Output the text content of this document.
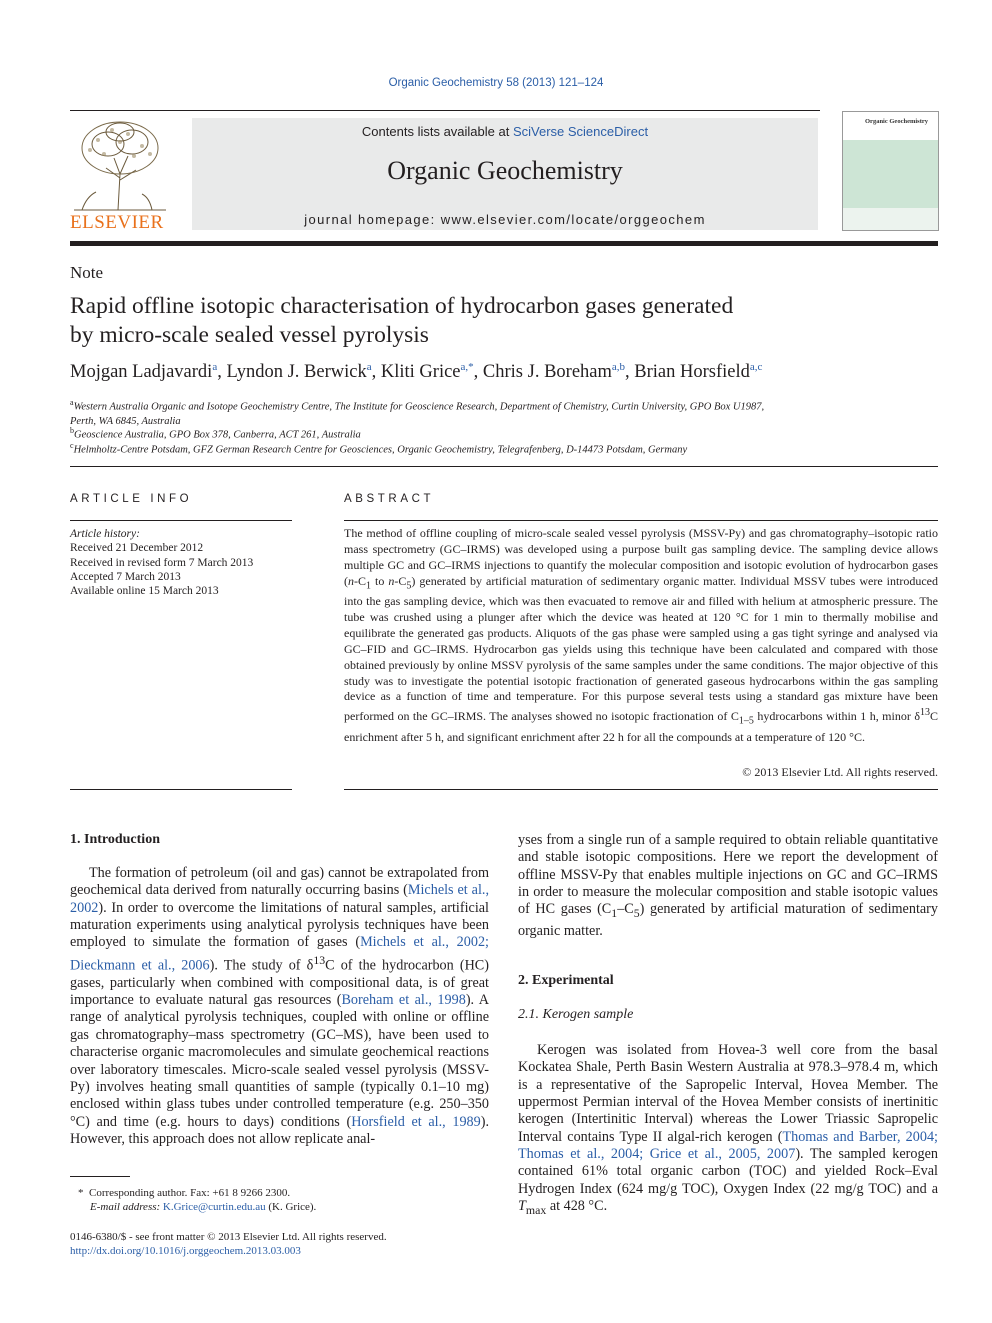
Organic Geochemistry 58 (2013) 121–124
ELSEVIER
Contents lists available at SciVerse ScienceDirect
Organic Geochemistry
journal homepage: www.elsevier.com/locate/orggeochem
Organic Geochemistry
Note
Rapid offline isotopic characterisation of hydrocarbon gases generated
by micro-scale sealed vessel pyrolysis
Mojgan Ladjavardi$^a$, Lyndon J. Berwick$^a$, Kliti Grice$^{a,*}$, Chris J. Boreham$^{a,b}$, Brian Horsfield$^{a,c}$
$^a$Western Australia Organic and Isotope Geochemistry Centre, The Institute for Geoscience Research, Department of Chemistry, Curtin University, GPO Box U1987,
Perth, WA 6845, Australia
$^b$Geoscience Australia, GPO Box 378, Canberra, ACT 261, Australia
$^c$Helmholtz-Centre Potsdam, GFZ German Research Centre for Geosciences, Organic Geochemistry, Telegrafenberg, D-14473 Potsdam, Germany
ARTICLE INFO
Article history:
Received 21 December 2012
Received in revised form 7 March 2013
Accepted 7 March 2013
Available online 15 March 2013
ABSTRACT
The method of offline coupling of micro-scale sealed vessel pyrolysis (MSSV-Py) and gas chromatography–isotopic ratio mass spectrometry (GC–IRMS) was developed using a purpose built gas sampling device. The sampling device allows multiple GC and GC–IRMS injections to quantify the molecular composition and isotopic evolution of hydrocarbon gases ($n-C_1$ to $n-C_5$) generated by artificial maturation of sedimentary organic matter. Individual MSSV tubes were introduced into the gas sampling device, which was then evacuated to remove air and filled with helium at atmospheric pressure. The tube was crushed using a plunger after which the device was heated at 120 °C for 1 min to thermally mobilise and equilibrate the generated gas products. Aliquots of the gas phase were sampled using a gas tight syringe and analysed via GC–FID and GC–IRMS. Hydrocarbon gas yields using this technique have been calculated and compared with those obtained previously by online MSSV pyrolysis of the same samples under the same conditions. The major objective of this study was to investigate the potential isotopic fractionation of generated gaseous hydrocarbons within the gas sampling device as a function of time and temperature. For this purpose several tests using a standard gas mixture have been performed on the GC–IRMS. The analyses showed no isotopic fractionation of $C_{1-5}$ hydrocarbons within 1 h, minor $\delta^{13}C$ enrichment after 5 h, and significant enrichment after 22 h for all the compounds at a temperature of 120 °C.
© 2013 Elsevier Ltd. All rights reserved.
1. Introduction
The formation of petroleum (oil and gas) cannot be extrapolated from geochemical data derived from naturally occurring basins (Michels et al., 2002). In order to overcome the limitations of natural samples, artificial maturation experiments using analytical pyrolysis techniques have been employed to simulate the formation of gases (Michels et al., 2002; Dieckmann et al., 2006). The study of $\delta^{13}C$ of the hydrocarbon (HC) gases, particularly when combined with compositional data, is of great importance to evaluate natural gas resources (Boreham et al., 1998). A range of analytical pyrolysis techniques, coupled with online or offline gas chromatography–mass spectrometry (GC–MS), have been used to characterise organic macromolecules and simulate geochemical reactions over laboratory timescales. Micro-scale sealed vessel pyrolysis (MSSV-Py) involves heating small quantities of sample (typically 0.1–10 mg) enclosed within glass tubes under controlled temperature (e.g. 250–350 °C) and time (e.g. hours to days) conditions (Horsfield et al., 1989). However, this approach does not allow replicate anal-
*  Corresponding author. Fax: +61 8 9266 2300.
E-mail address: K.Grice@curtin.edu.au (K. Grice).
0146-6380/$ - see front matter © 2013 Elsevier Ltd. All rights reserved.
http://dx.doi.org/10.1016/j.orggeochem.2013.03.003
yses from a single run of a sample required to obtain reliable quantitative and stable isotopic compositions. Here we report the development of offline MSSV-Py that enables multiple injections on GC and GC–IRMS in order to measure the molecular composition and stable isotopic values of HC gases $(C_1-C_5)$ generated by artificial maturation of sedimentary organic matter.
2. Experimental
2.1. Kerogen sample
Kerogen was isolated from Hovea-3 well core from the basal Kockatea Shale, Perth Basin Western Australia at 978.3–978.4 m, which is a representative of the Sapropelic Interval, Hovea Member. The uppermost Permian interval of the Hovea Member consists of inertinitic kerogen (Intertinitic Interval) whereas the Lower Triassic Sapropelic Interval contains Type II algal-rich kerogen (Thomas and Barber, 2004; Thomas et al., 2004; Grice et al., 2005, 2007). The sampled kerogen contained 61% total organic carbon (TOC) and yielded Rock–Eval Hydrogen Index (624 mg/g TOC), Oxygen Index (22 mg/g TOC) and a $T_{max}$ at 428 °C.
